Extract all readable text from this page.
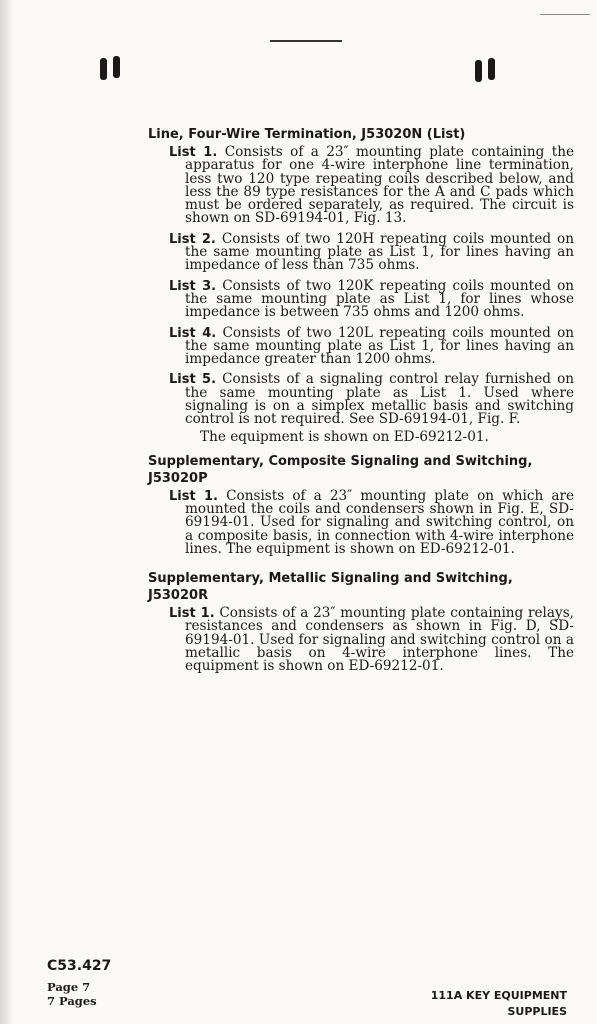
Line, Four-Wire Termination, J53020N (List)

List 1. Consists of a 23″ mounting plate containing the apparatus for one 4-wire interphone line termination, less two 120 type repeating coils described below, and less the 89 type resistances for the A and C pads which must be ordered separately, as required. The circuit is shown on SD-69194-01, Fig. 13.

List 2. Consists of two 120H repeating coils mounted on the same mounting plate as List 1, for lines having an impedance of less than 735 ohms.

List 3. Consists of two 120K repeating coils mounted on the same mounting plate as List 1, for lines whose impedance is between 735 ohms and 1200 ohms.

List 4. Consists of two 120L repeating coils mounted on the same mounting plate as List 1, for lines having an impedance greater than 1200 ohms.

List 5. Consists of a signaling control relay furnished on the same mounting plate as List 1. Used where signaling is on a simplex metallic basis and switching control is not required. See SD-69194-01, Fig. F.

The equipment is shown on ED-69212-01.

Supplementary, Composite Signaling and Switching, J53020P

List 1. Consists of a 23″ mounting plate on which are mounted the coils and condensers shown in Fig. E, SD-69194-01. Used for signaling and switching control, on a composite basis, in connection with 4-wire interphone lines. The equipment is shown on ED-69212-01.

Supplementary, Metallic Signaling and Switching, J53020R

List 1. Consists of a 23″ mounting plate containing relays, resistances and condensers as shown in Fig. D, SD-69194-01. Used for signaling and switching control on a metallic basis on 4-wire interphone lines. The equipment is shown on ED-69212-01.

C53.427
Page 7
7 Pages	111A KEY EQUIPMENT
SUPPLIES
